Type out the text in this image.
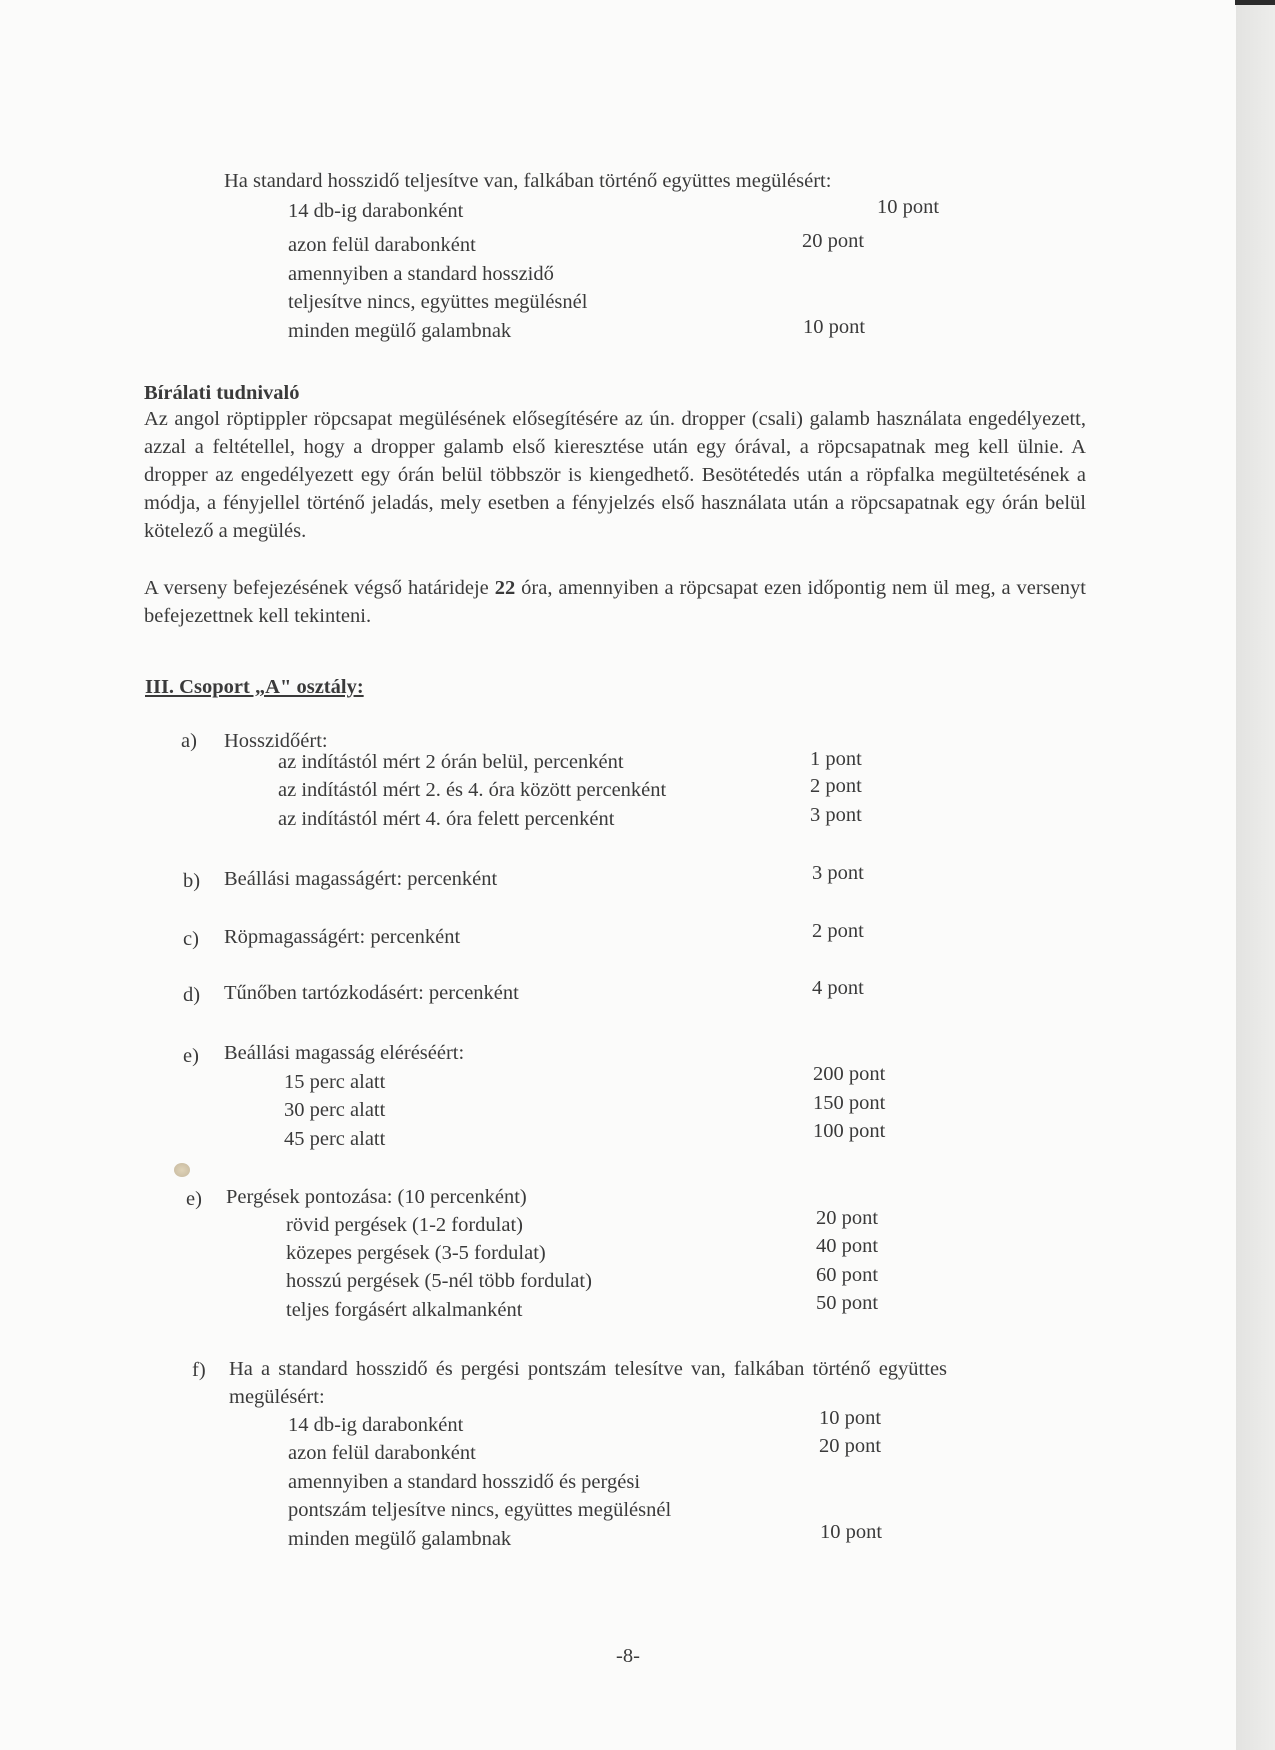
Ha standard hosszidő teljesítve van, falkában történő együttes megülésért:
14 db-ig darabonként	10 pont
azon felül darabonként	20 pont
amennyiben a standard hosszidő
teljesítve nincs, együttes megülésnél
minden megülő galambnak	10 pont
Bírálati tudnivaló

Az angol röptippler röpcsapat megülésének elősegítésére az ún. dropper (csali) galamb használata engedélyezett, azzal a feltétellel, hogy a dropper galamb első kieresztése után egy órával, a röpcsapatnak meg kell ülnie. A dropper az engedélyezett egy órán belül többször is kiengedhető. Besötétedés után a röpfalka megültetésének a módja, a fényjellel történő jeladás, mely esetben a fényjelzés első használata után a röpcsapatnak egy órán belül kötelező a megülés.

A verseny befejezésének végső határideje 22 óra, amennyiben a röpcsapat ezen időpontig nem ül meg, a versenyt befejezettnek kell tekinteni.

III. Csoport „A" osztály:
a) Hosszidőért:
az indítástól mért 2 órán belül, percenként	1 pont
az indítástól mért 2. és 4. óra között percenként	2 pont
az indítástól mért 4. óra felett percenként	3 pont
b) Beállási magasságért: percenként	3 pont
c) Röpmagasságért: percenként	2 pont
d) Tűnőben tartózkodásért: percenként	4 pont
e) Beállási magasság eléréséért:
15 perc alatt	200 pont
30 perc alatt	150 pont
45 perc alatt	100 pont
e) Pergések pontozása: (10 percenként)
rövid pergések (1-2 fordulat)	20 pont
közepes pergések (3-5 fordulat)	40 pont
hosszú pergések (5-nél több fordulat)	60 pont
teljes forgásért alkalmanként	50 pont
f) Ha a standard hosszidő és pergési pontszám telesítve van, falkában történő együttes
megülésért:
14 db-ig darabonként	10 pont
azon felül darabonként	20 pont
amennyiben a standard hosszidő és pergési
pontszám teljesítve nincs, együttes megülésnél
minden megülő galambnak	10 pont
-8-
